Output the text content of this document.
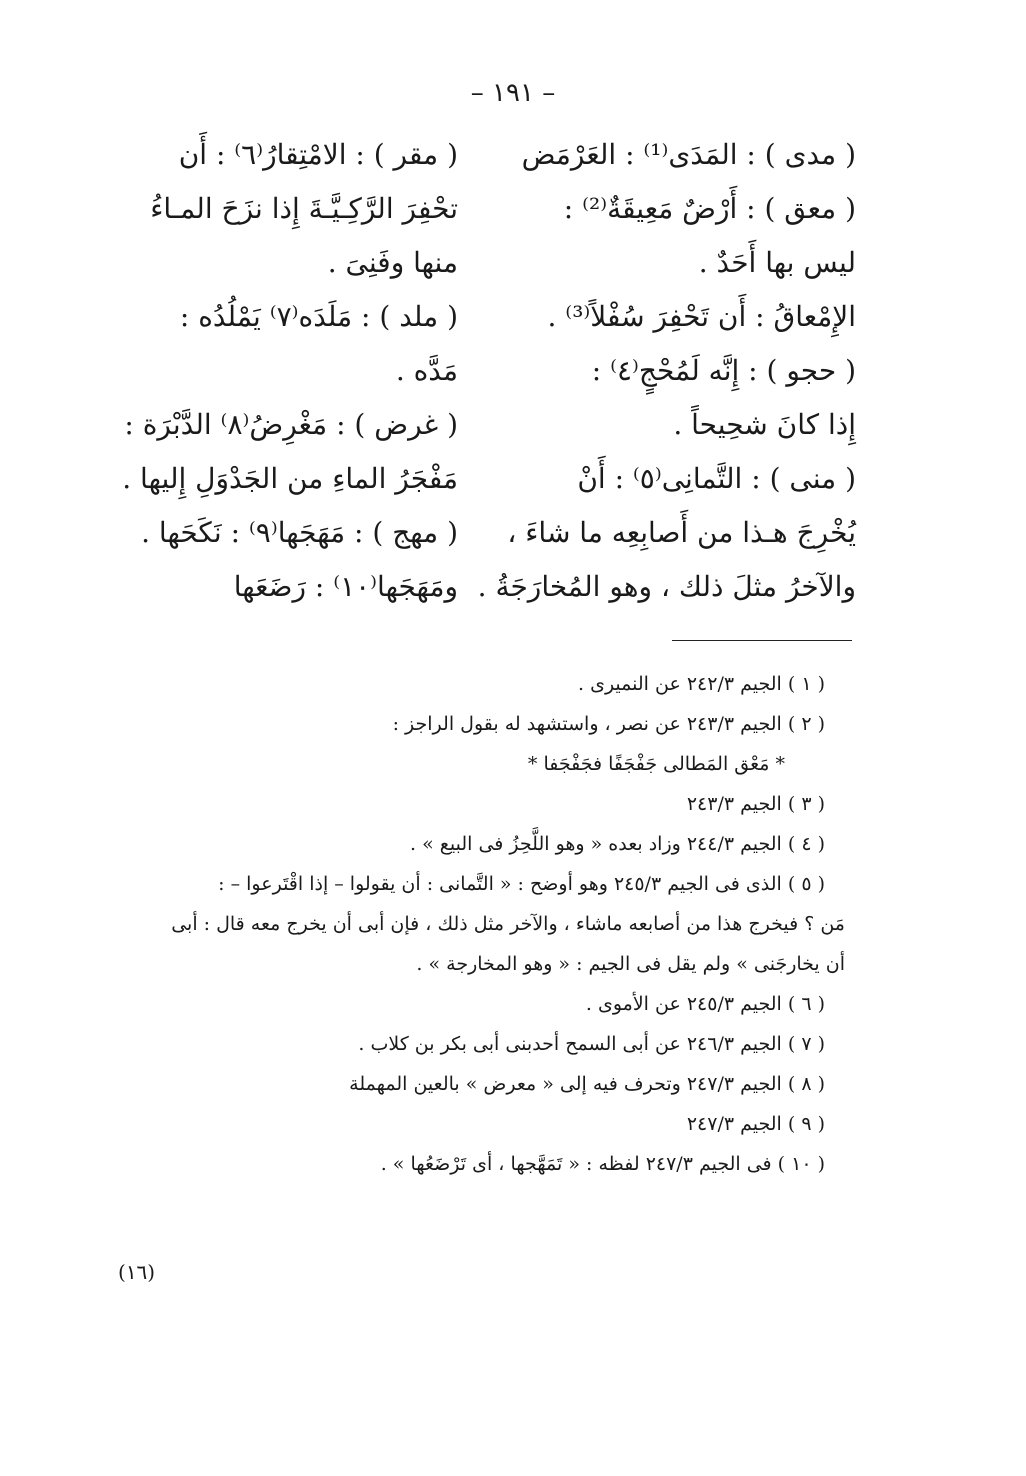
– ١٩١ –

( مدى ) : المَدَى⁽¹⁾ : العَرْمَض

( معق ) : أَرْضٌ مَعِيقَةٌ⁽²⁾ :

ليس بها أَحَدٌ .

الإِمْعاقُ : أَن تَحْفِرَ سُفْلاً⁽³⁾ .

( حجو ) : إِنَّه لَمُحْجٍ⁽٤⁾ :

إِذا كانَ شحِيحاً .

( منى ) : التَّمانِى⁽٥⁾ : أَنْ

يُخْرِجَ هـذا من أَصابِعِه ما شاءَ ،

والآخرُ مثلَ ذلك ، وهو المُخارَجَةُ .

( مقر ) : الامْتِقارُ⁽٦⁾ : أَن

تحْفِرَ الرَّكِـيَّـةَ إِذا نزَحَ المـاءُ

منها وفَنِىَ .

( ملد ) : مَلَدَه⁽٧⁾ يَمْلُدُه :

مَدَّه .

( غرض ) : مَغْرِضُ⁽٨⁾ الدَّبْرَة :

مَفْجَرُ الماءِ من الجَدْوَلِ إِليها .

( مهج ) : مَهَجَها⁽٩⁾ : نَكَحَها .

ومَهَجَها⁽١٠⁾ : رَضَعَها

( ١ ) الجيم ٢٤٢/٣ عن النميرى .

( ٢ ) الجيم ٢٤٣/٣ عن نصر ، واستشهد له بقول الراجز :

* مَعْق المَطالى جَفْجَفًا فجَفْجَفا *

( ٣ ) الجيم ٢٤٣/٣

( ٤ ) الجيم ٢٤٤/٣ وزاد بعده « وهو اللَّحِزُ فى البيع » .

( ٥ ) الذى فى الجيم ٢٤٥/٣ وهو أوضح : « التَّمانى : أن يقولوا – إذا اقْتَرعوا – :

مَن ؟ فيخرج هذا من أصابعه ماشاء ، والآخر مثل ذلك ، فإن أبى أن يخرج معه قال : أبى

أن يخارجَنى » ولم يقل فى الجيم : « وهو المخارجة » .

( ٦ ) الجيم ٢٤٥/٣ عن الأموى .

( ٧ ) الجيم ٢٤٦/٣ عن أبى السمح أحدبنى أبى بكر بن كلاب .

( ٨ ) الجيم ٢٤٧/٣ وتحرف فيه إلى « معرض » بالعين المهملة

( ٩ ) الجيم ٢٤٧/٣

( ١٠ ) فى الجيم ٢٤٧/٣ لفظه : « تَمَهَّجها ، أى تَرْضَعُها » .

(١٦)
